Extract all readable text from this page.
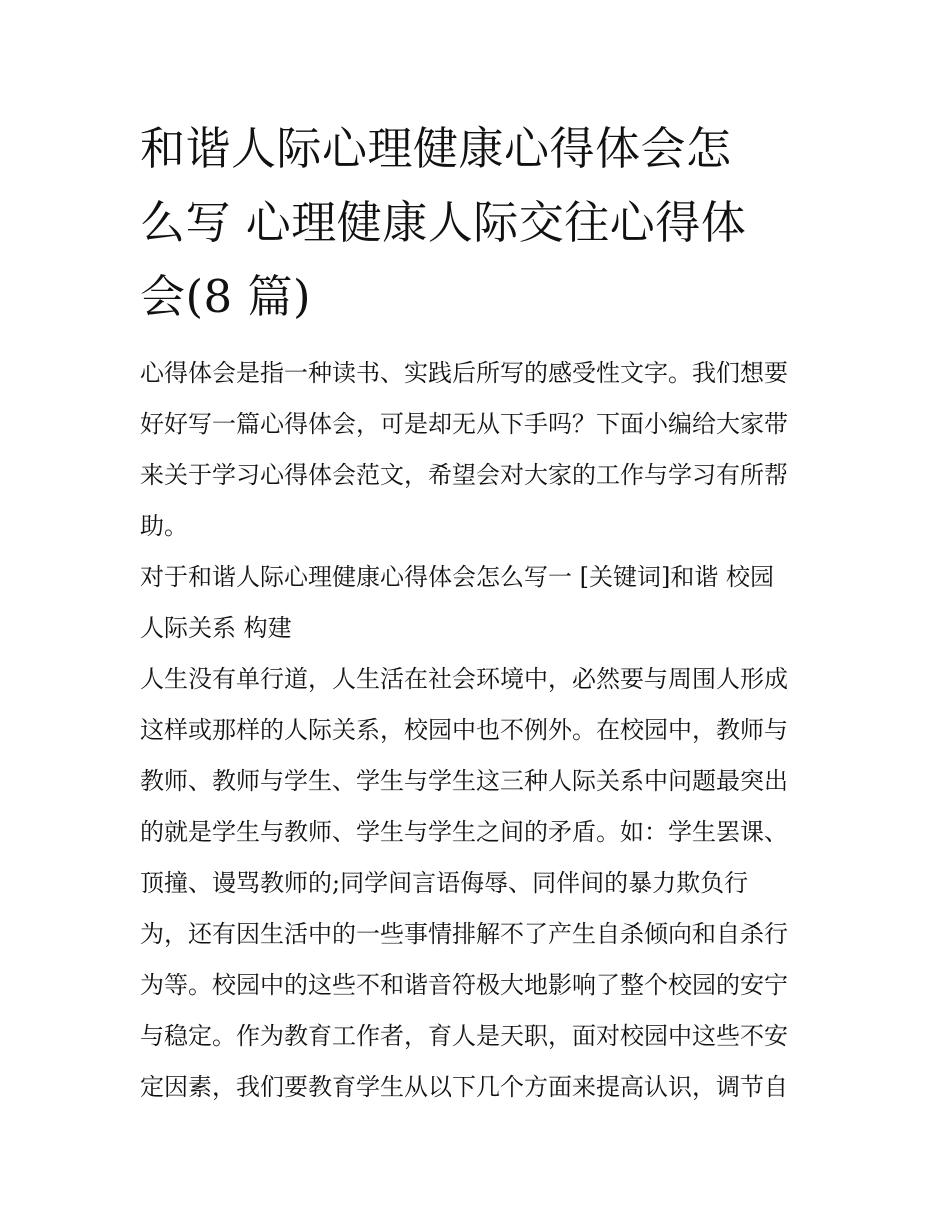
和谐人际心理健康心得体会怎
么写 心理健康人际交往心得体
会(8 篇)
心得体会是指一种读书、实践后所写的感受性文字。我们想要
好好写一篇心得体会，可是却无从下手吗？下面小编给大家带
来关于学习心得体会范文，希望会对大家的工作与学习有所帮
助。
对于和谐人际心理健康心得体会怎么写一 [关键词]和谐 校园
人际关系 构建
人生没有单行道，人生活在社会环境中，必然要与周围人形成
这样或那样的人际关系，校园中也不例外。在校园中，教师与
教师、教师与学生、学生与学生这三种人际关系中问题最突出
的就是学生与教师、学生与学生之间的矛盾。如：学生罢课、
顶撞、谩骂教师的;同学间言语侮辱、同伴间的暴力欺负行
为，还有因生活中的一些事情排解不了产生自杀倾向和自杀行
为等。校园中的这些不和谐音符极大地影响了整个校园的安宁
与稳定。作为教育工作者，育人是天职，面对校园中这些不安
定因素，我们要教育学生从以下几个方面来提高认识，调节自
